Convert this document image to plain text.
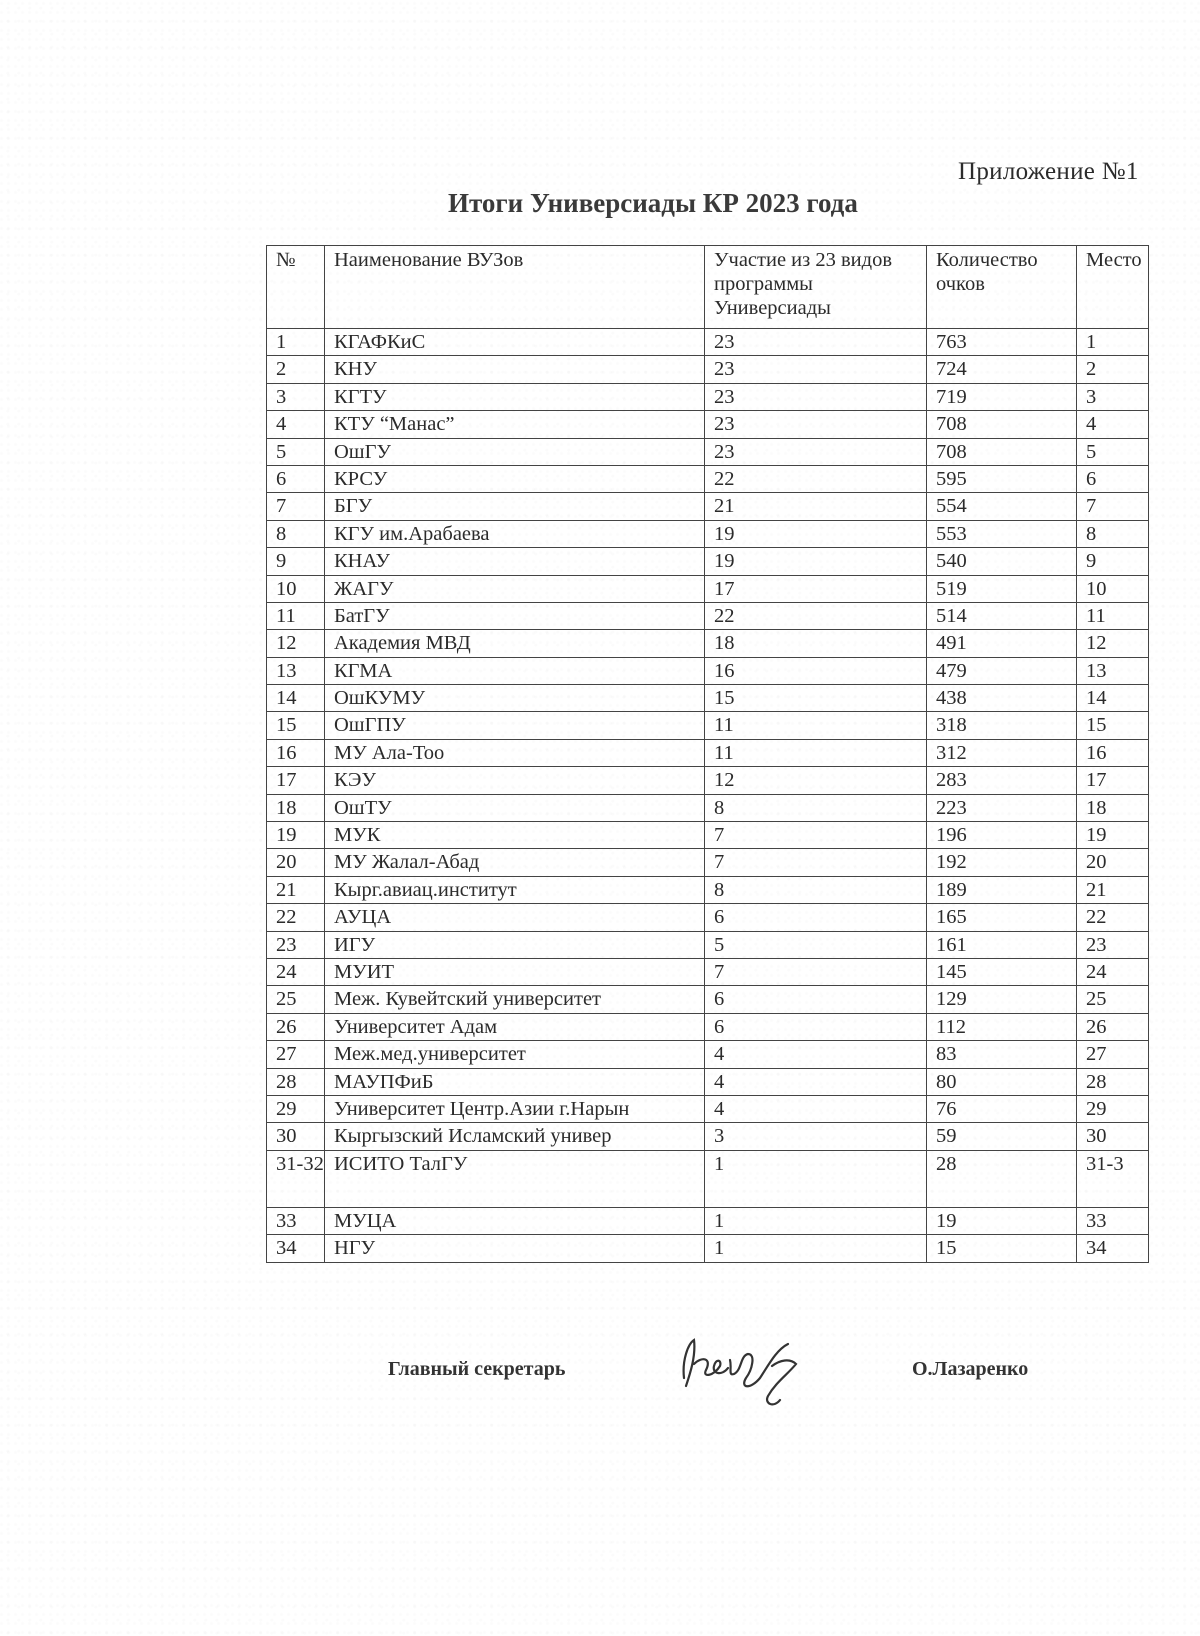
Приложение №1
Итоги Универсиады КР 2023 года
№	Наименование ВУЗов	Участие из 23 видов программы Универсиады	Количество очков	Место
1	КГАФКиС	23	763	1
2	КНУ	23	724	2
3	КГТУ	23	719	3
4	КТУ “Манас”	23	708	4
5	ОшГУ	23	708	5
6	КРСУ	22	595	6
7	БГУ	21	554	7
8	КГУ им.Арабаева	19	553	8
9	КНАУ	19	540	9
10	ЖАГУ	17	519	10
11	БатГУ	22	514	11
12	Академия МВД	18	491	12
13	КГМА	16	479	13
14	ОшКУМУ	15	438	14
15	ОшГПУ	11	318	15
16	МУ Ала-Тоо	11	312	16
17	КЭУ	12	283	17
18	ОшТУ	8	223	18
19	МУК	7	196	19
20	МУ Жалал-Абад	7	192	20
21	Кырг.авиац.институт	8	189	21
22	АУЦА	6	165	22
23	ИГУ	5	161	23
24	МУИТ	7	145	24
25	Меж. Кувейтский университет	6	129	25
26	Университет Адам	6	112	26
27	Меж.мед.университет	4	83	27
28	МАУПФиБ	4	80	28
29	Университет Центр.Азии г.Нарын	4	76	29
30	Кыргызский Исламский универ	3	59	30
31-32	ИСИТО ТалГУ	1	28	31-3
33	МУЦА	1	19	33
34	НГУ	1	15	34
Главный секретарь	О.Лазаренко
